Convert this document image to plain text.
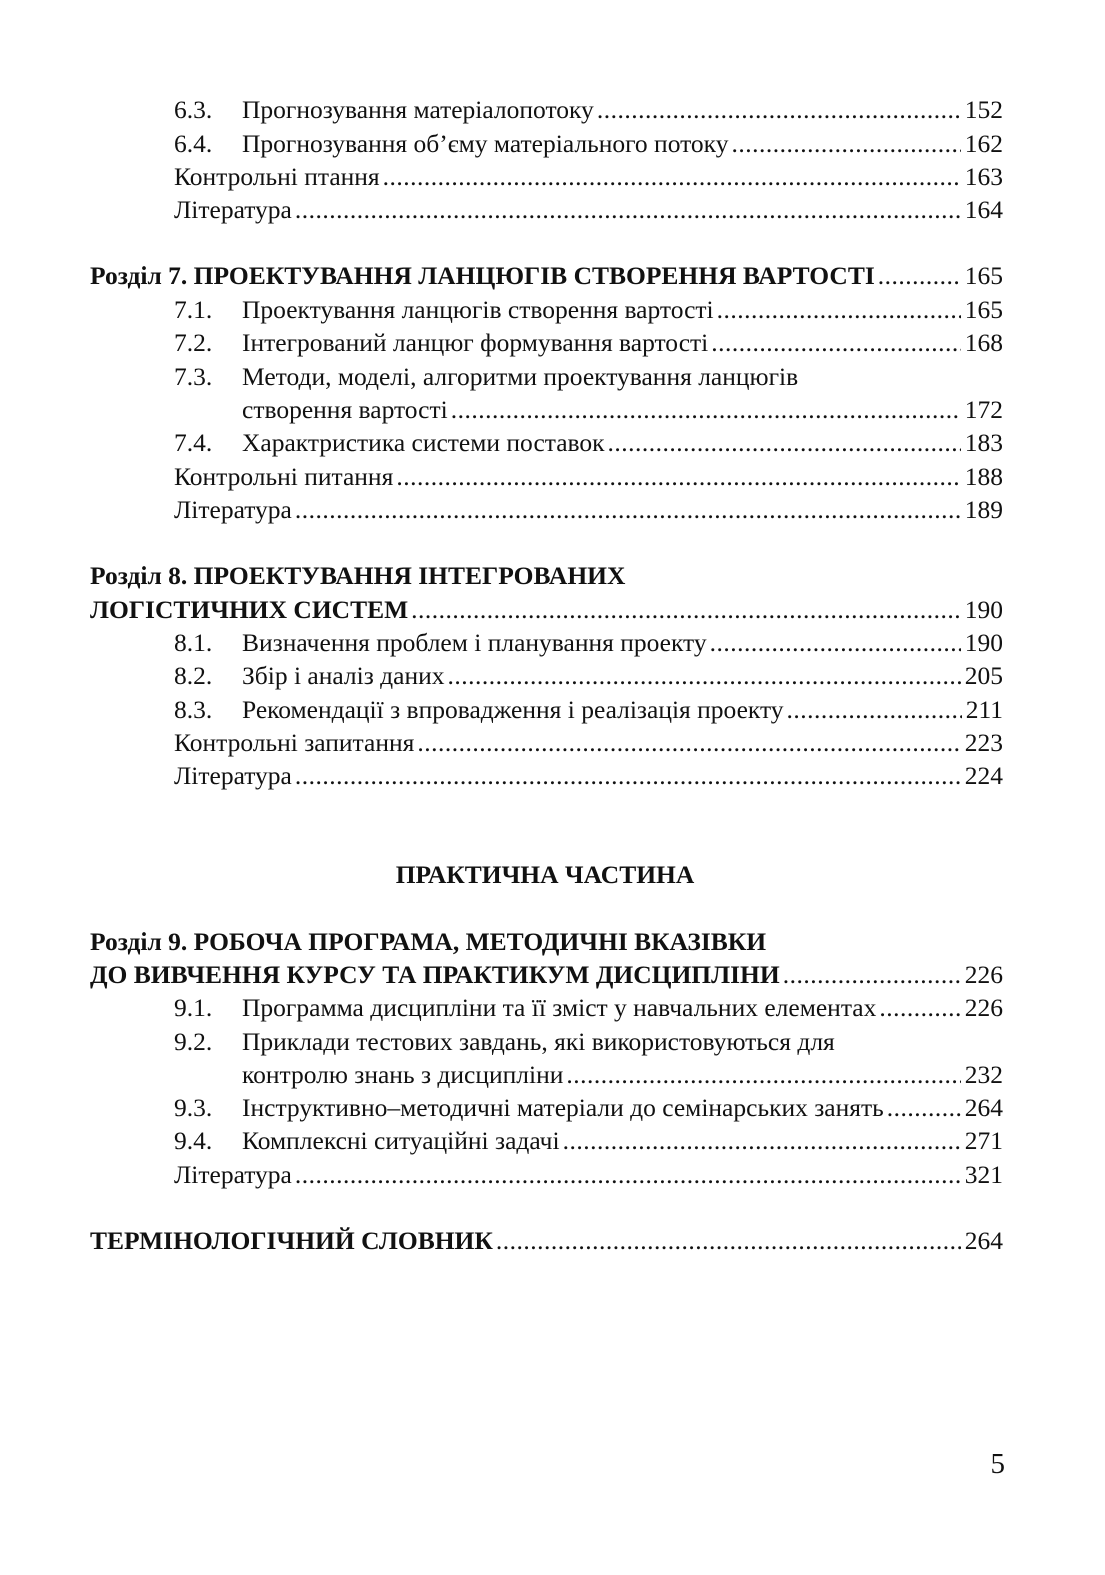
6.3.	Прогнозування матеріалопотоку .....	152
6.4.	Прогнозування об’єму матеріального потоку .....	162
Контрольні птання .....	163
Література .....	164
Розділ 7. ПРОЕКТУВАННЯ ЛАНЦЮГІВ СТВОРЕННЯ ВАРТОСТІ .....	165
7.1.	Проектування ланцюгів створення вартості .....	165
7.2.	Інтегрований ланцюг формування вартості .....	168
7.3.	Методи, моделі, алгоритми проектування ланцюгів
створення вартості .....	172
7.4.	Характристика системи поставок .....	183
Контрольні питання .....	188
Література .....	189
Розділ 8. ПРОЕКТУВАННЯ ІНТЕГРОВАНИХ
ЛОГІСТИЧНИХ СИСТЕМ .....	190
8.1.	Визначення проблем і планування проекту .....	190
8.2.	Збір і аналіз даних .....	205
8.3.	Рекомендації з впровадження і реалізація проекту .....	211
Контрольні запитання .....	223
Література .....	224
ПРАКТИЧНА ЧАСТИНА
Розділ 9. РОБОЧА ПРОГРАМА, МЕТОДИЧНІ ВКАЗІВКИ
ДО ВИВЧЕННЯ КУРСУ ТА ПРАКТИКУМ ДИСЦИПЛІНИ .....	226
9.1.	Программа дисципліни та її зміст у навчальних елементах .....	226
9.2.	Приклади тестових завдань, які використовуються для
контролю знань з дисципліни .....	232
9.3.	Інструктивно–методичні матеріали до семінарських занять .....	264
9.4.	Комплексні ситуаційні задачі .....	271
Література .....	321
ТЕРМІНОЛОГІЧНИЙ СЛОВНИК .....	264
5
